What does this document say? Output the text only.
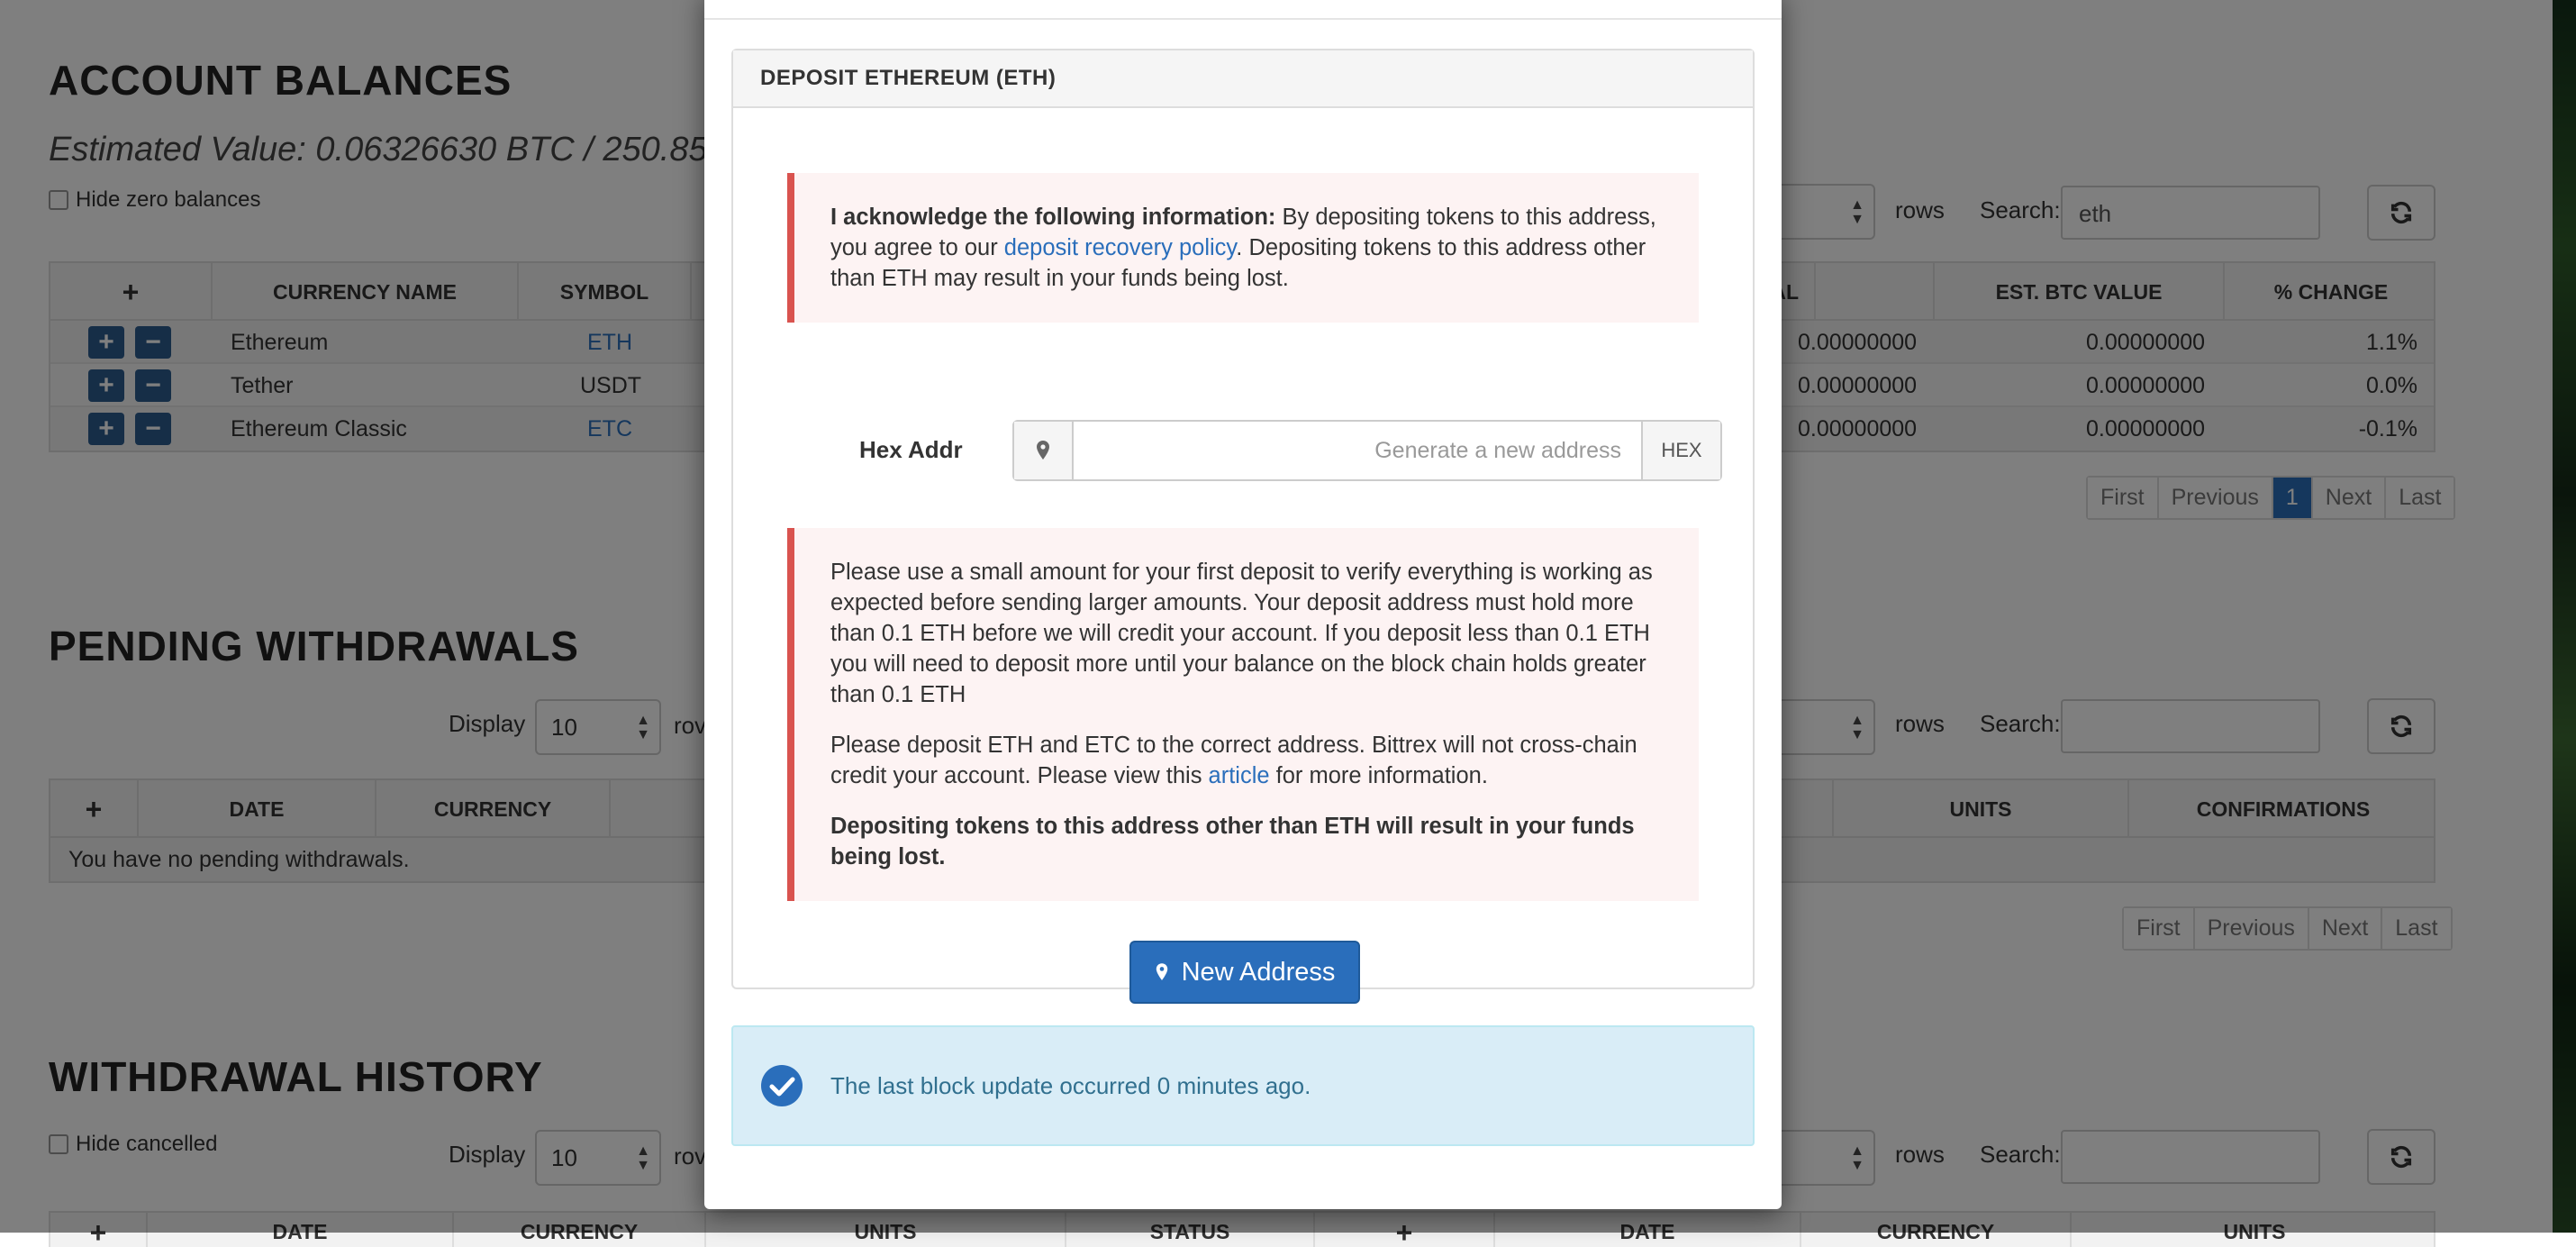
DEPOSIT ETHEREUM (ETH)

I acknowledge the following information: By depositing tokens to this address, you agree to our deposit recovery policy. Depositing tokens to this address other than ETH may result in your funds being lost.

Hex Addr	Generate a new address	HEX

Please use a small amount for your first deposit to verify everything is working as expected before sending larger amounts. Your deposit address must hold more than 0.1 ETH before we will credit your account. If you deposit less than 0.1 ETH you will need to deposit more until your balance on the block chain holds greater than 0.1 ETH

Please deposit ETH and ETC to the correct address. Bittrex will not cross-chain credit your account. Please view this article for more information.

Depositing tokens to this address other than ETH will result in your funds being lost.

New Address
The last block update occurred 0 minutes ago.
